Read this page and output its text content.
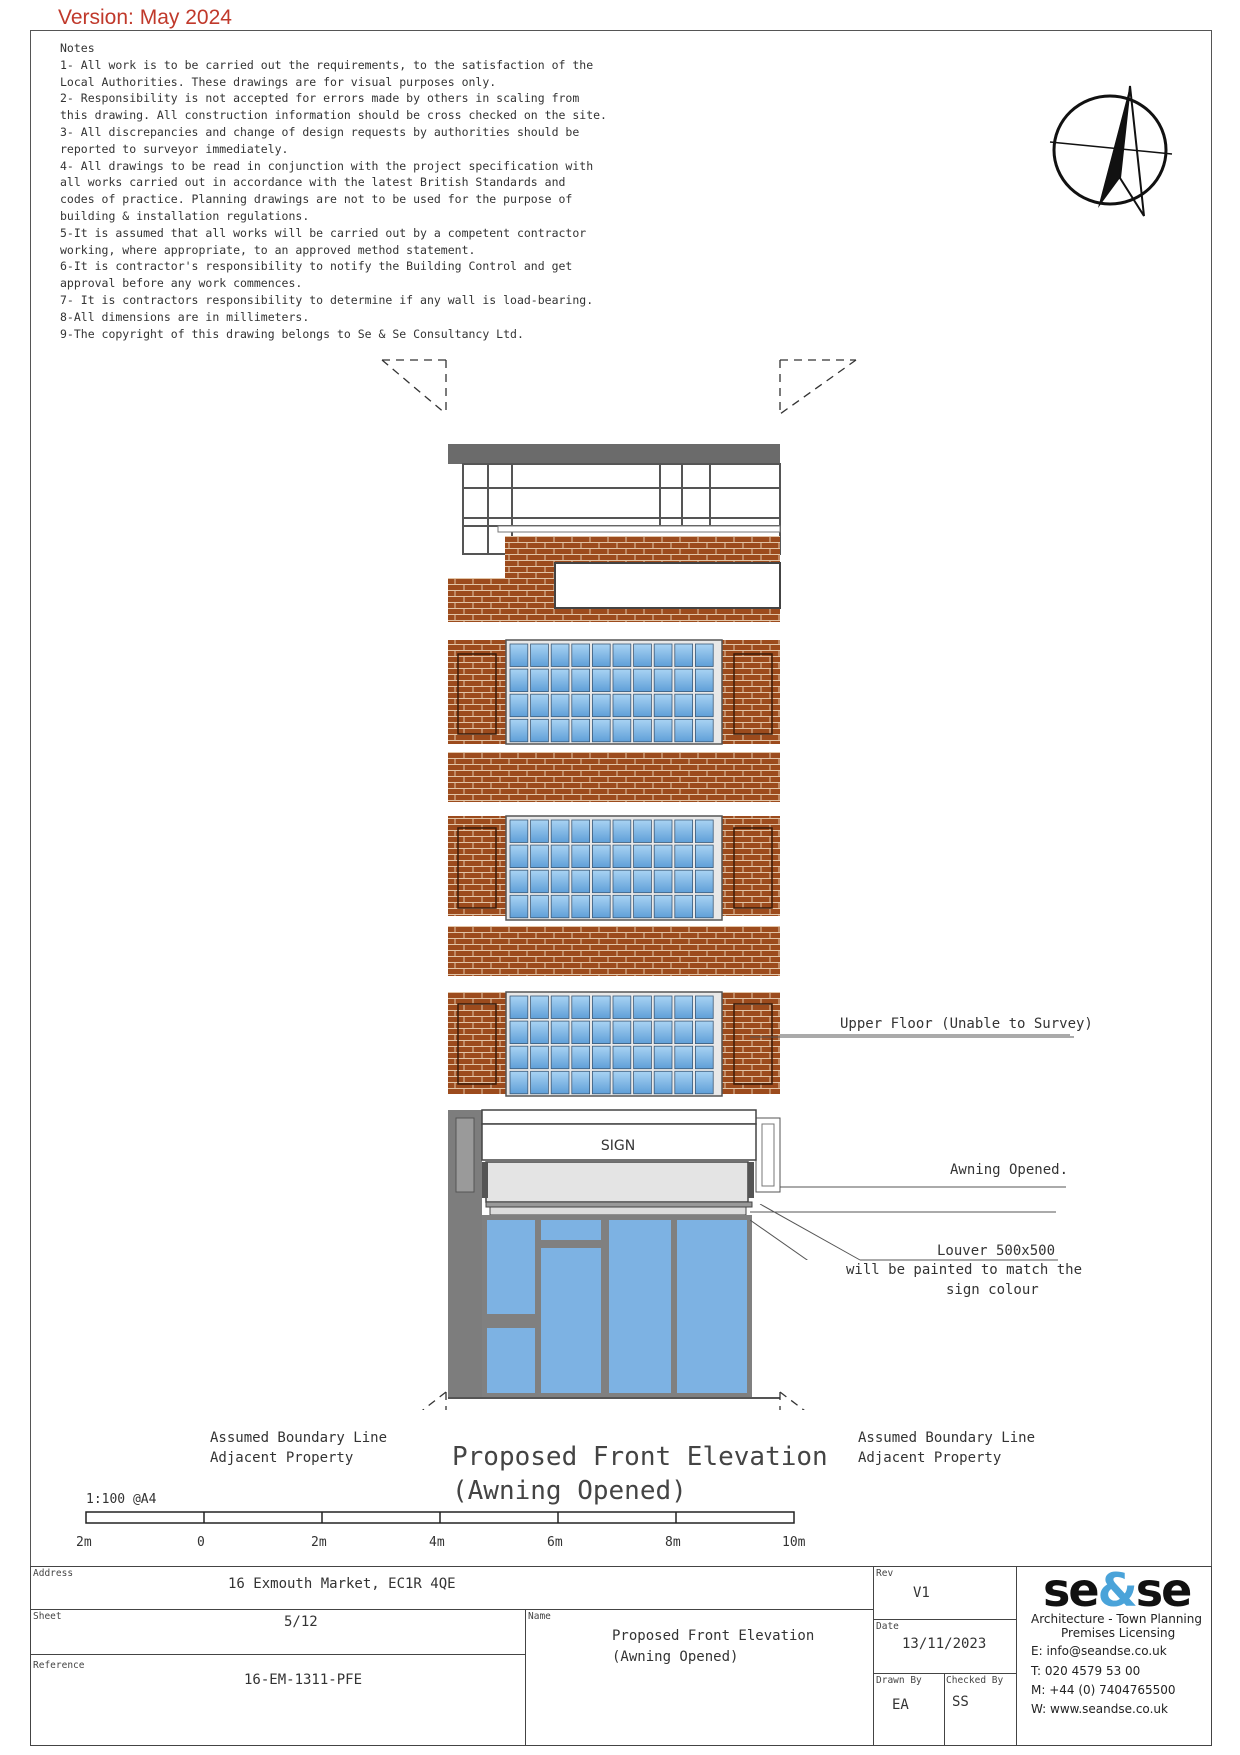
Version: May 2024
Notes
1- All work is to be carried out the requirements, to the satisfaction of the
Local Authorities. These drawings are for visual purposes only.
2- Responsibility is not accepted for errors made by others in scaling from
this drawing. All construction information should be cross checked on the site.
3- All discrepancies and change of design requests by authorities should be
reported to surveyor immediately.
4- All drawings to be read in conjunction with the project specification with
all works carried out in accordance with the latest British Standards and
codes of practice. Planning drawings are not to be used for the purpose of
building & installation regulations.
5-It is assumed that all works will be carried out by a competent contractor
working, where appropriate, to an approved method statement.
6-It is contractor's responsibility to notify the Building Control and get
approval before any work commences.
7- It is contractors responsibility to determine if any wall is load-bearing.
8-All dimensions are in millimeters.
9-The copyright of this drawing belongs to Se & Se Consultancy Ltd.
SIGN
Upper Floor (Unable to Survey)
Awning Opened.
Louver 500x500
will be painted to match the
sign colour
Assumed Boundary Line
Adjacent Property
Assumed Boundary Line
Adjacent Property
Proposed Front Elevation
(Awning Opened)
1:100 @A4
2m	0	2m	4m	6m	8m	10m
Address
16 Exmouth Market, EC1R 4QE
Sheet	5/12
Reference
16-EM-1311-PFE
Name
Proposed Front Elevation
(Awning Opened)
Rev
V1
Date
13/11/2023
Drawn By
EA
Checked By
SS
se&se
Architecture - Town Planning
Premises Licensing
E: info@seandse.co.uk
T: 020 4579 53 00
M: +44 (0) 7404765500
W: www.seandse.co.uk
